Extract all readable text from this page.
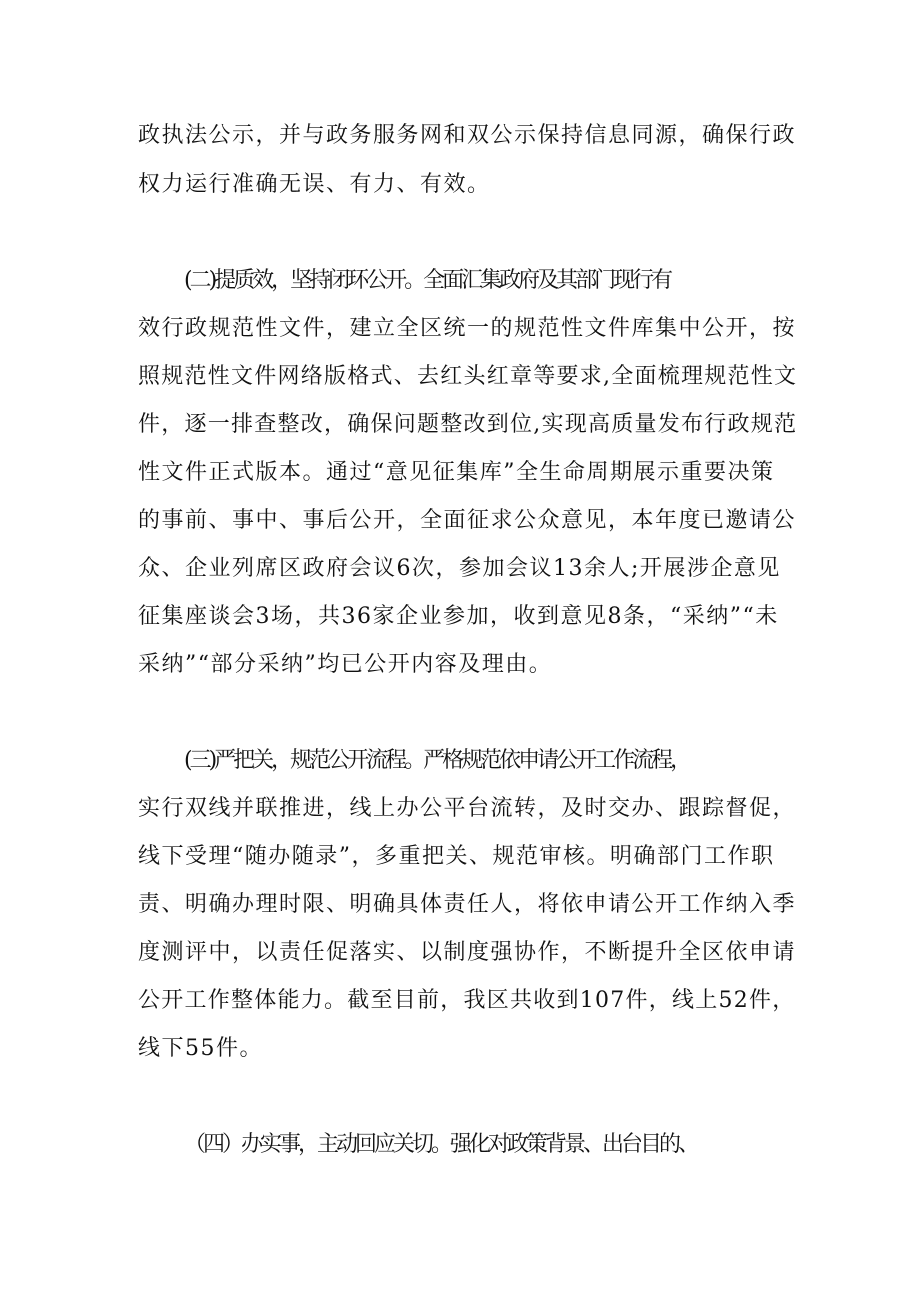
政执法公示，并与政务服务网和双公示保持信息同源，确保行政
权力运行准确无误、有力、有效。
(二)提质效，坚持闭环公开。全面汇集政府及其部门现行有
效行政规范性文件，建立全区统一的规范性文件库集中公开，按
照规范性文件网络版格式、去红头红章等要求,全面梳理规范性文
件，逐一排查整改，确保问题整改到位,实现高质量发布行政规范
性文件正式版本。通过“意见征集库”全生命周期展示重要决策
的事前、事中、事后公开，全面征求公众意见，本年度已邀请公
众、企业列席区政府会议6次，参加会议13余人;开展涉企意见
征集座谈会3场，共36家企业参加，收到意见8条，“采纳”“未
采纳”“部分采纳”均已公开内容及理由。
(三)严把关，规范公开流程。严格规范依申请公开工作流程，
实行双线并联推进，线上办公平台流转，及时交办、跟踪督促，
线下受理“随办随录”，多重把关、规范审核。明确部门工作职
责、明确办理时限、明确具体责任人，将依申请公开工作纳入季
度测评中，以责任促落实、以制度强协作，不断提升全区依申请
公开工作整体能力。截至目前，我区共收到107件，线上52件，
线下55件。
（四）办实事，主动回应关切。强化对政策背景、出台目的、
